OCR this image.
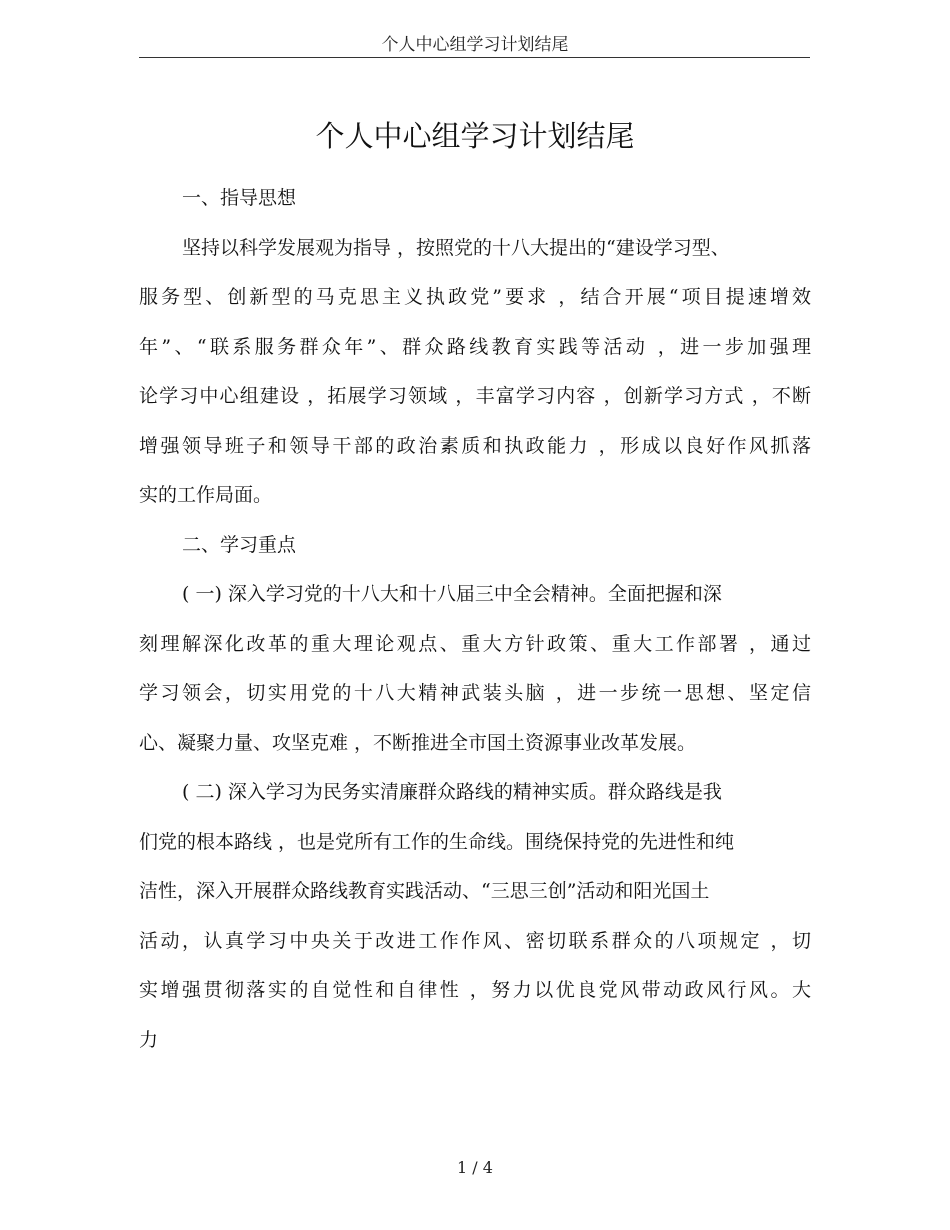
个人中心组学习计划结尾
个人中心组学习计划结尾
一、指导思想
坚持以科学发展观为指导 ，按照党的十八大提出的“建设学习型、
服务型、创新型的马克思主义执政党”要求 ，结合开展“项目提速增效
年”、“联系服务群众年”、群众路线教育实践等活动 ，进一步加强理
论学习中心组建设 ，拓展学习领域 ，丰富学习内容 ，创新学习方式 ，不断
增强领导班子和领导干部的政治素质和执政能力 ，形成以良好作风抓落
实的工作局面。
二、学习重点
( 一) 深入学习党的十八大和十八届三中全会精神。全面把握和深
刻理解深化改革的重大理论观点、重大方针政策、重大工作部署 ，通过
学习领会，切实用党的十八大精神武装头脑 ，进一步统一思想、坚定信
心、凝聚力量、攻坚克难 ，不断推进全市国土资源事业改革发展。
( 二) 深入学习为民务实清廉群众路线的精神实质。群众路线是我
们党的根本路线 ，也是党所有工作的生命线。围绕保持党的先进性和纯
洁性，深入开展群众路线教育实践活动、“三思三创”活动和阳光国土
活动，认真学习中央关于改进工作作风、密切联系群众的八项规定 ，切
实增强贯彻落实的自觉性和自律性 ，努力以优良党风带动政风行风。大
力
1 / 4
